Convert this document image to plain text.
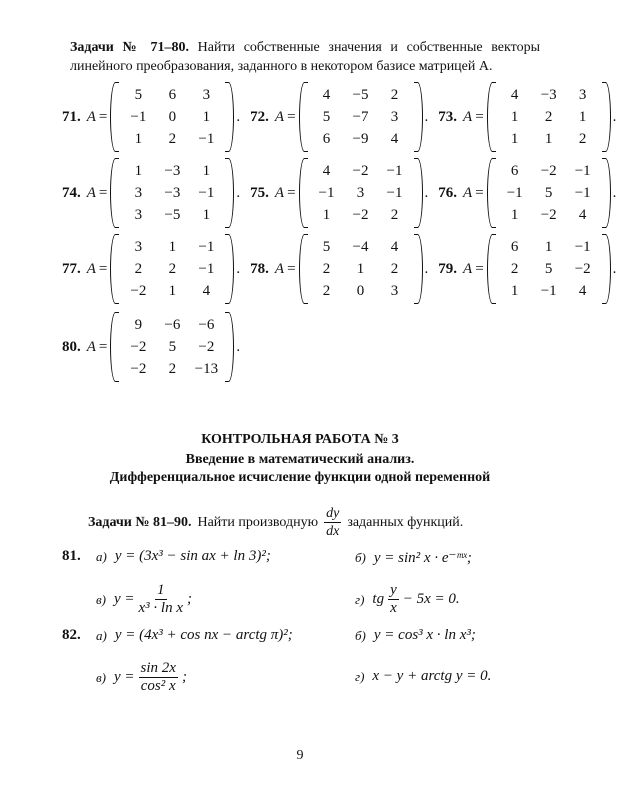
Задачи № 71–80. Найти собственные значения и собственные векторы линейного преобразования, заданного в некотором базисе матрицей A.
71. A =
5	6	3
−1	0	1
1	2	−1
. 72. A =
4	−5	2
5	−7	3
6	−9	4
. 73. A =
4	−3	3
1	2	1
1	1	2
.
74. A =
1	−3	1
3	−3	−1
3	−5	1
. 75. A =
4	−2	−1
−1	3	−1
1	−2	2
. 76. A =
6	−2	−1
−1	5	−1
1	−2	4
.
77. A =
3	1	−1
2	2	−1
−2	1	4
. 78. A =
5	−4	4
2	1	2
2	0	3
. 79. A =
6	1	−1
2	5	−2
1	−1	4
.
80. A =
9	−6	−6
−2	5	−2
−2	2	−13
.
КОНТРОЛЬНАЯ РАБОТА № 3
Введение в математический анализ.
Дифференциальное исчисление функции одной переменной
Задачи № 81–90. Найти производную $\frac{dy}{dx}$ заданных функций.
81. а) y = (3x³ − sin ax + ln 3)²;	б) y = sin² x · e⁻ᵐˣ;
в) $y = \frac{1}{\text{x³ · ln x}}$ ;	г) tg $\frac{y}{x} - 5x = 0$.
82. а) y = (4x³ + cos nx − arctg π)²;	б) y = cos³ x · ln x³;
в) $y = \frac{\sin 2x}{\text{cos² x}}$ ;	г) x − y + arctg y = 0.
9
